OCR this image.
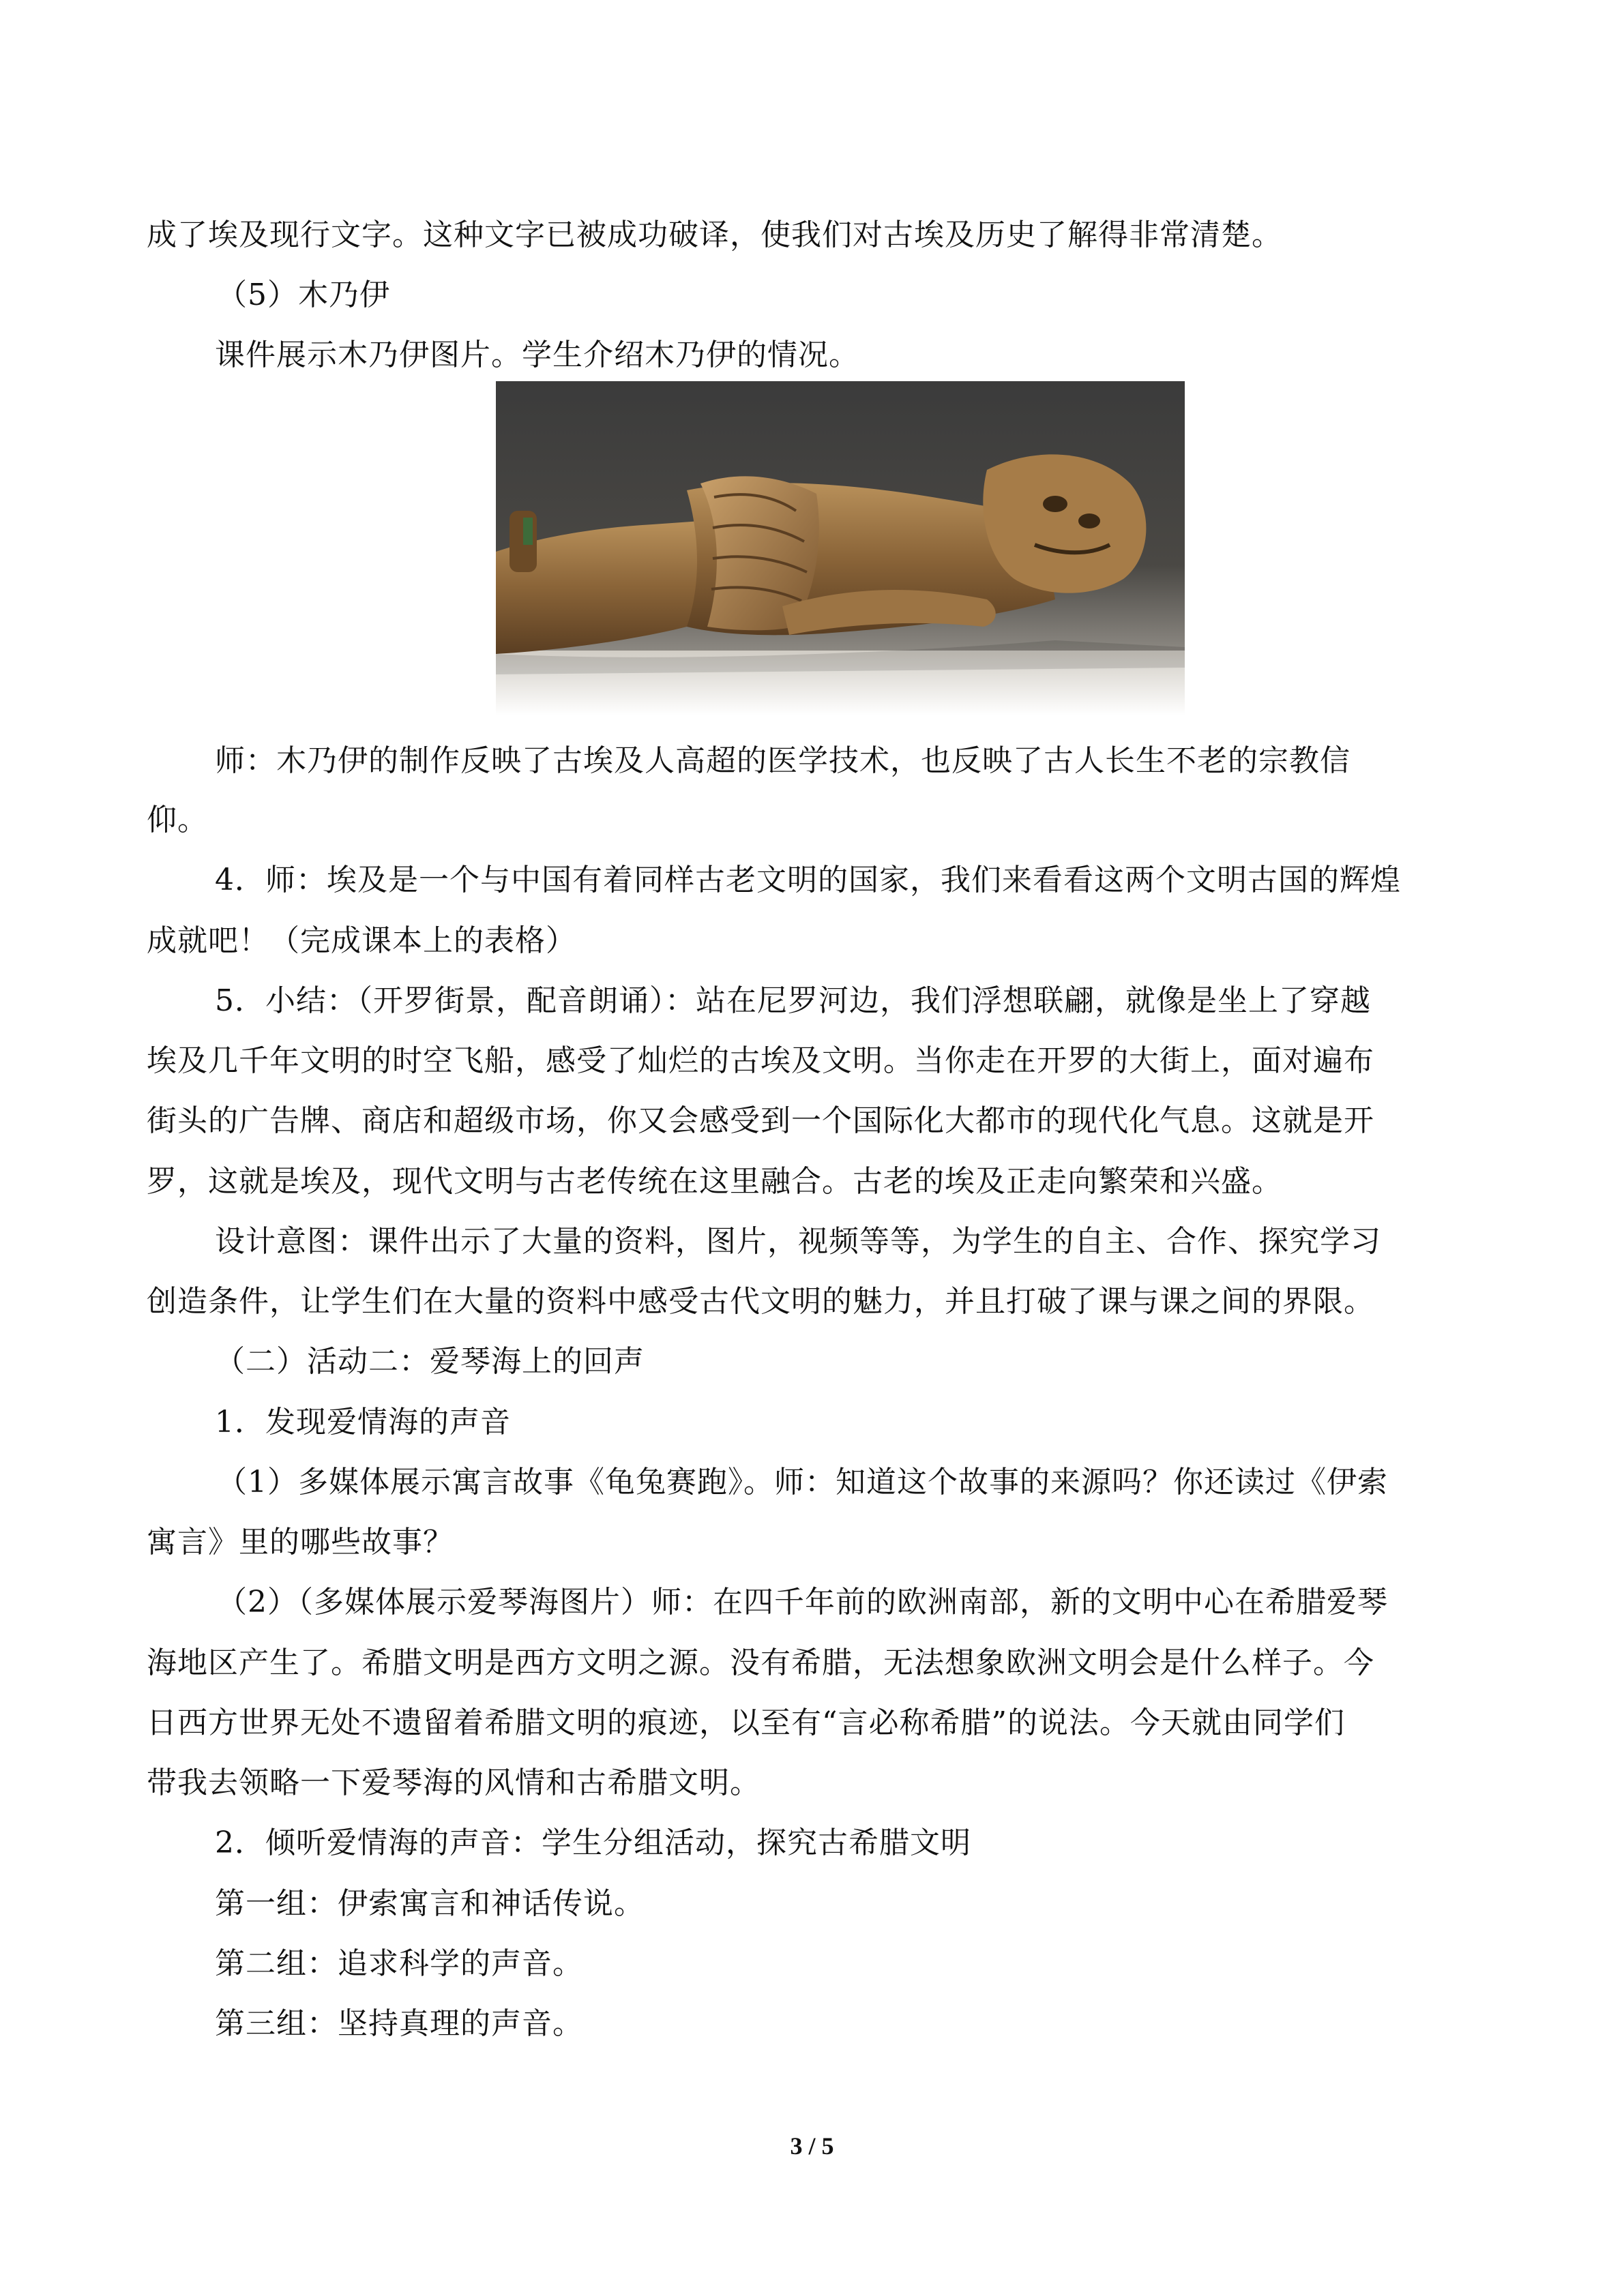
成了埃及现行文字。这种文字已被成功破译，使我们对古埃及历史了解得非常清楚。
（5）木乃伊
课件展示木乃伊图片。学生介绍木乃伊的情况。
师：木乃伊的制作反映了古埃及人高超的医学技术，也反映了古人长生不老的宗教信
仰。
4．师：埃及是一个与中国有着同样古老文明的国家，我们来看看这两个文明古国的辉煌
成就吧！（完成课本上的表格）
5．小结：（开罗街景，配音朗诵）：站在尼罗河边，我们浮想联翩，就像是坐上了穿越
埃及几千年文明的时空飞船，感受了灿烂的古埃及文明。当你走在开罗的大街上，面对遍布
街头的广告牌、商店和超级市场，你又会感受到一个国际化大都市的现代化气息。这就是开
罗，这就是埃及，现代文明与古老传统在这里融合。古老的埃及正走向繁荣和兴盛。
设计意图：课件出示了大量的资料，图片，视频等等，为学生的自主、合作、探究学习
创造条件，让学生们在大量的资料中感受古代文明的魅力，并且打破了课与课之间的界限。
（二）活动二：爱琴海上的回声
1．发现爱情海的声音
（1）多媒体展示寓言故事《龟兔赛跑》。师：知道这个故事的来源吗？你还读过《伊索
寓言》里的哪些故事？
（2）（多媒体展示爱琴海图片）师：在四千年前的欧洲南部，新的文明中心在希腊爱琴
海地区产生了。希腊文明是西方文明之源。没有希腊，无法想象欧洲文明会是什么样子。今
日西方世界无处不遗留着希腊文明的痕迹，以至有“言必称希腊”的说法。今天就由同学们
带我去领略一下爱琴海的风情和古希腊文明。
2．倾听爱情海的声音：学生分组活动，探究古希腊文明
第一组：伊索寓言和神话传说。
第二组：追求科学的声音。
第三组：坚持真理的声音。
3 / 5
